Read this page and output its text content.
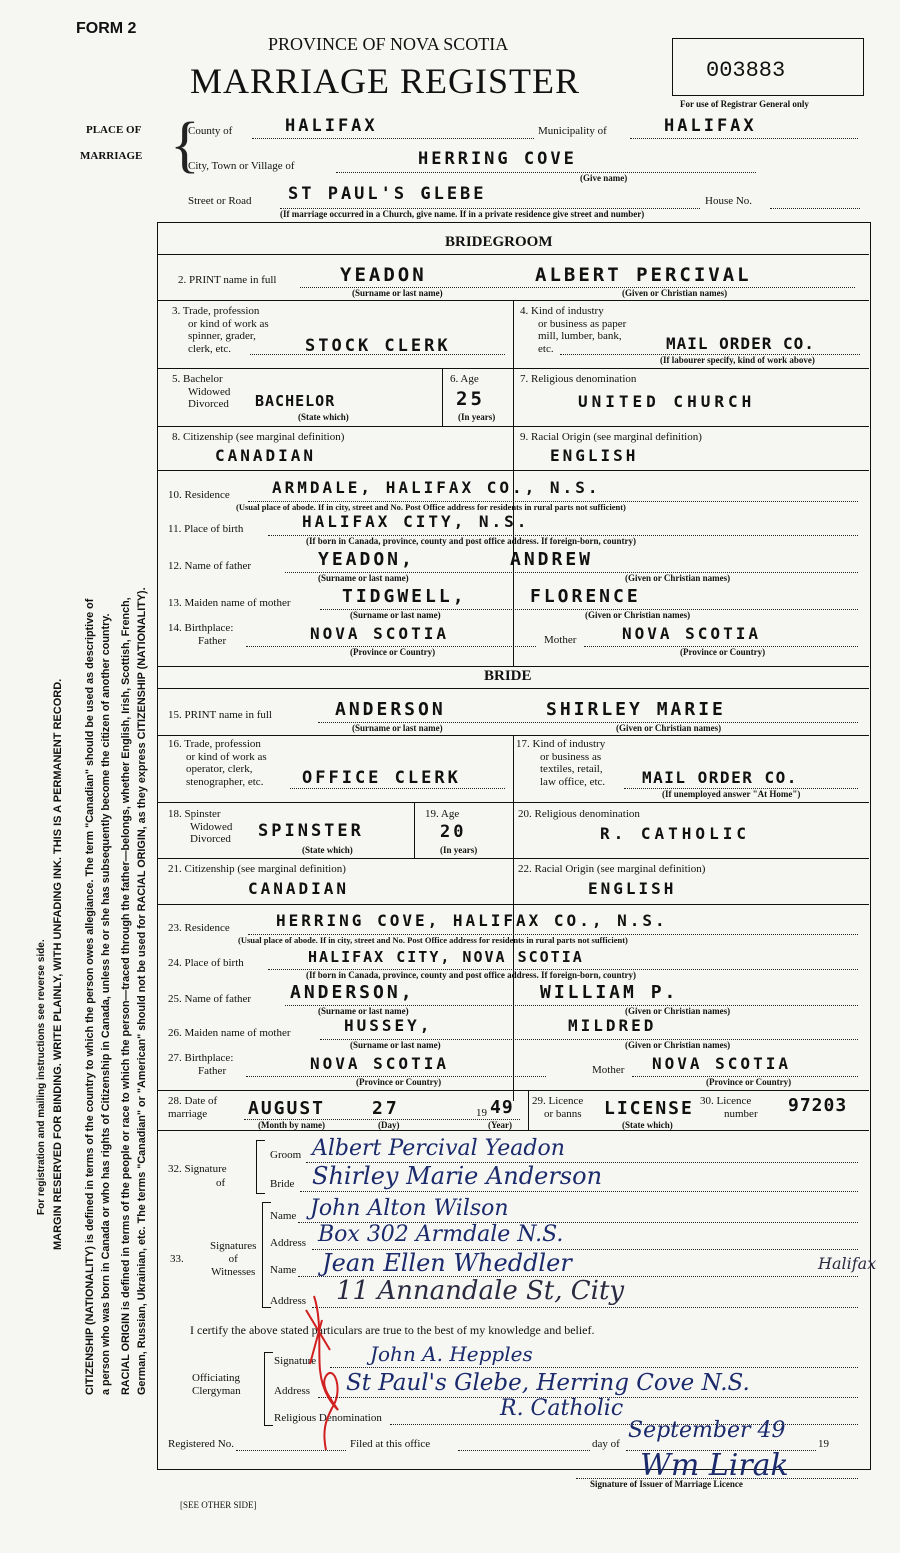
FORM 2
PROVINCE OF NOVA SCOTIA
MARRIAGE REGISTER	003883
For use of Registrar General only
For registration and mailing instructions see reverse side. MARGIN RESERVED FOR BINDING. WRITE PLAINLY, WITH UNFADING INK. THIS IS A PERMANENT RECORD. CITIZENSHIP (NATIONALITY) is defined in terms of the country to which the person owes allegiance. The term "Canadian" should be used as descriptive of a person who was born in Canada or who has rights of Citizenship in Canada, unless he or she has subsequently become the citizen of another country. RACIAL ORIGIN is defined in terms of the people or race to which the person—traced through the father—belongs, whether English, Irish, Scottish, French, German, Russian, Ukrainian, etc. The terms "Canadian" or "American" should not be used for RACIAL ORIGIN, as they express CITIZENSHIP (NATIONALITY).
PLACE OF
MARRIAGE {
County of	HALIFAX	Municipality of	HALIFAX
City, Town or Village of	HERRING COVE
(Give name)
Street or Road ST PAUL'S GLEBE	House No.
(If marriage occurred in a Church, give name. If in a private residence give street and number)
BRIDEGROOM
2. PRINT name in full	YEADON	ALBERT PERCIVAL
(Surname or last name)	(Given or Christian names)
3. Trade, profession
or kind of work as
spinner, grader,
clerk, etc.	STOCK CLERK
4. Kind of industry
or business as paper
mill, lumber, bank,
etc.	MAIL ORDER CO.
(If labourer specify, kind of work above)
5. Bachelor
Widowed
Divorced BACHELOR
(State which)
6. Age
25
(In years)
7. Religious denomination
UNITED CHURCH
8. Citizenship (see marginal definition)
CANADIAN
9. Racial Origin (see marginal definition)
ENGLISH
10. Residence	ARMDALE, HALIFAX CO., N.S.
(Usual place of abode. If in city, street and No. Post Office address for residents in rural parts not sufficient)
11. Place of birth	HALIFAX CITY, N.S.
(If born in Canada, province, county and post office address. If foreign-born, country)
12. Name of father	YEADON,	ANDREW
(Surname or last name)	(Given or Christian names)
13. Maiden name of mother	TIDGWELL,	FLORENCE
(Surname or last name)	(Given or Christian names)
14. Birthplace:
Father	NOVA SCOTIA
(Province or Country)
Mother	NOVA SCOTIA
(Province or Country)
BRIDE
15. PRINT name in full	ANDERSON	SHIRLEY MARIE
(Surname or last name)	(Given or Christian names)
16. Trade, profession
or kind of work as
operator, clerk,
stenographer, etc. OFFICE CLERK
17. Kind of industry
or business as
textiles, retail,
law office, etc. MAIL ORDER CO.
(If unemployed answer "At Home")
18. Spinster
Widowed
Divorced SPINSTER
(State which)
19. Age
20
(In years)
20. Religious denomination
R. CATHOLIC
21. Citizenship (see marginal definition)
CANADIAN
22. Racial Origin (see marginal definition)
ENGLISH
23. Residence	HERRING COVE, HALIFAX CO., N.S.
(Usual place of abode. If in city, street and No. Post Office address for residents in rural parts not sufficient)
24. Place of birth	HALIFAX CITY, NOVA SCOTIA
(If born in Canada, province, county and post office address. If foreign-born, country)
25. Name of father ANDERSON,	WILLIAM P.
(Surname or last name)	(Given or Christian names)
26. Maiden name of mother	HUSSEY,	MILDRED
(Surname or last name)	(Given or Christian names)
27. Birthplace:
Father	NOVA SCOTIA
(Province or Country)
Mother NOVA SCOTIA
(Province or Country)
28. Date of
marriage	AUGUST	27	19 49
(Month by name)	(Day)	(Year)
29. Licence
or banns LICENSE
(State which)
30. Licence
number 97203
32. Signature
of
Groom Albert Percival Yeadon
Bride Shirley Marie Anderson
Signatures
of
Witnesses
33.
Name John Alton Wilson
Address Box 302 Armdale N.S.
Name Jean Ellen Wheddler	Halifax
Address 11 Annandale St, City
I certify the above stated particulars are true to the best of my knowledge and belief.
Officiating
Clergyman
Signature	John A. Hepples
Address St Paul's Glebe, Herring Cove N.S.
Religious Denomination	R. Catholic
Registered No.	Filed at this office	day of
September 49
19
Wm Lirak
Signature of Issuer of Marriage Licence
[SEE OTHER SIDE]
